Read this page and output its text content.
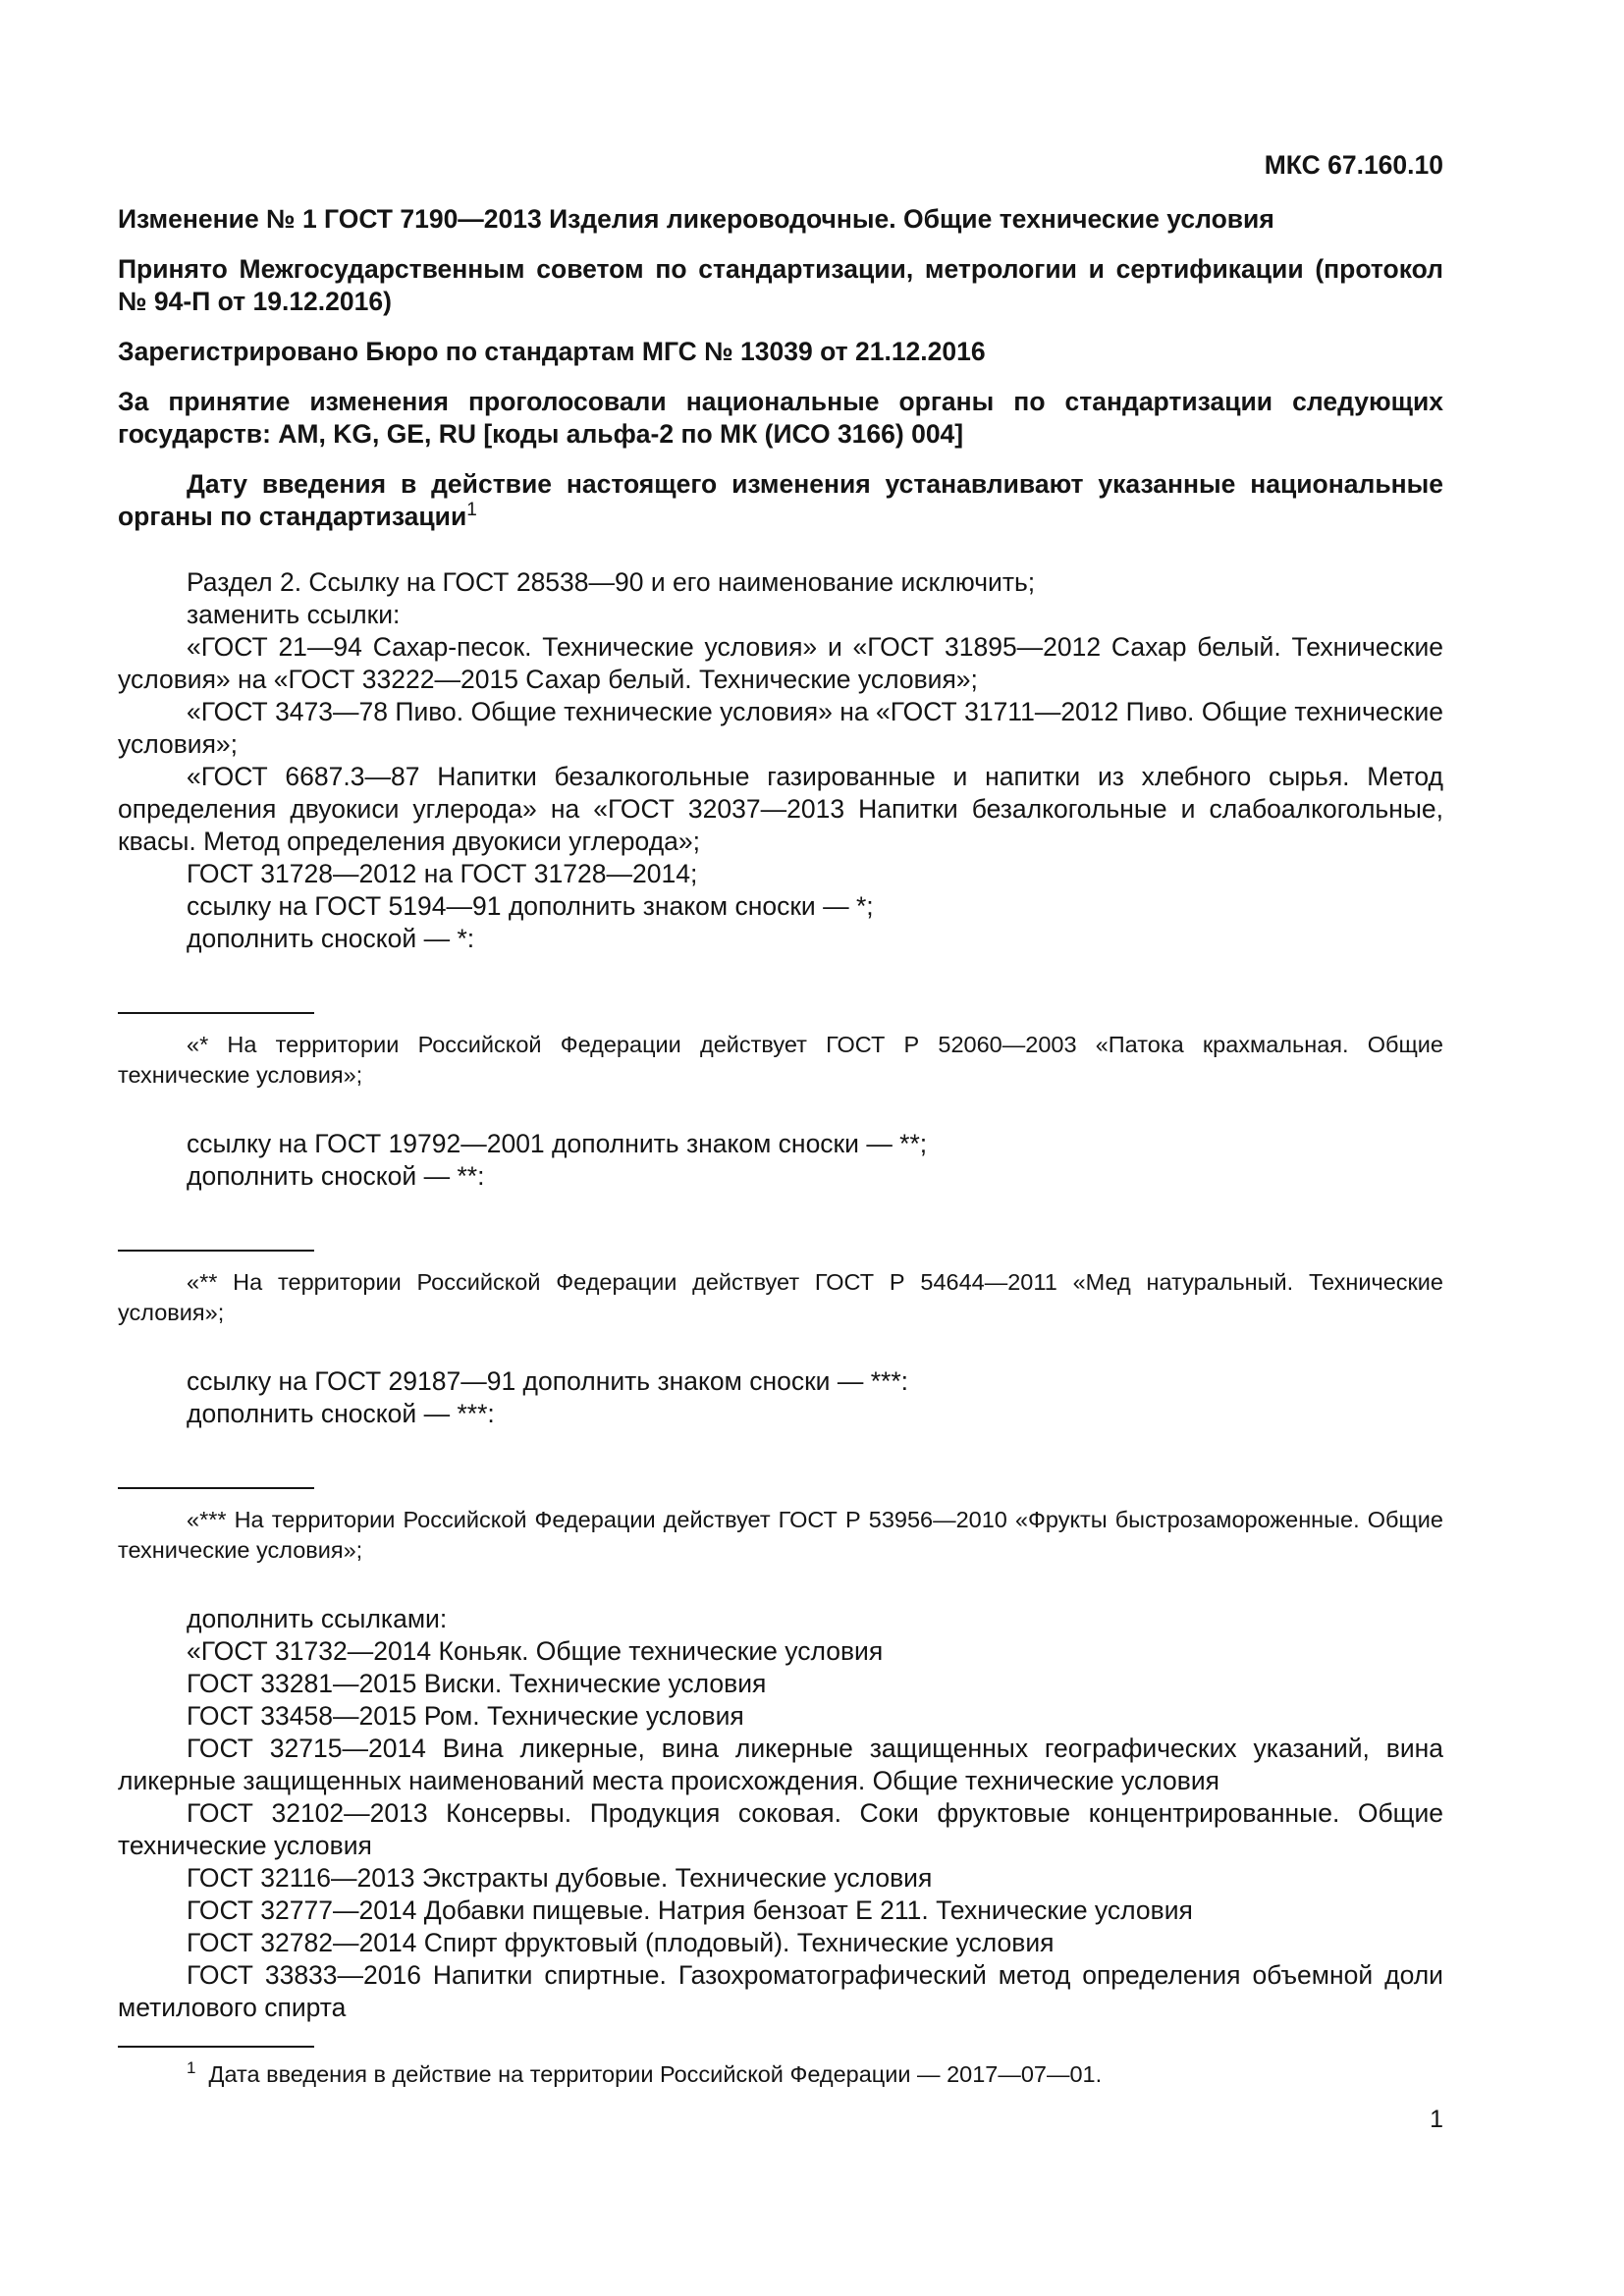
МКС 67.160.10

Изменение № 1 ГОСТ 7190—2013 Изделия ликероводочные. Общие технические условия

Принято Межгосударственным советом по стандартизации, метрологии и сертификации (протокол № 94-П от 19.12.2016)

Зарегистрировано Бюро по стандартам МГС № 13039 от 21.12.2016

За принятие изменения проголосовали национальные органы по стандартизации следующих государств: AM, KG, GE, RU [коды альфа-2 по МК (ИСО 3166) 004]

Дату введения в действие настоящего изменения устанавливают указанные национальные органы по стандартизации$^1$

Раздел 2. Ссылку на ГОСТ 28538—90 и его наименование исключить;

заменить ссылки:

«ГОСТ 21—94 Сахар-песок. Технические условия» и «ГОСТ 31895—2012 Сахар белый. Технические условия» на «ГОСТ 33222—2015 Сахар белый. Технические условия»;

«ГОСТ 3473—78 Пиво. Общие технические условия» на «ГОСТ 31711—2012 Пиво. Общие технические условия»;

«ГОСТ 6687.3—87 Напитки безалкогольные газированные и напитки из хлебного сырья. Метод определения двуокиси углерода» на «ГОСТ 32037—2013 Напитки безалкогольные и слабоалкогольные, квасы. Метод определения двуокиси углерода»;

ГОСТ 31728—2012 на ГОСТ 31728—2014;

ссылку на ГОСТ 5194—91 дополнить знаком сноски — *;

дополнить сноской — *:

«* На территории Российской Федерации действует ГОСТ Р 52060—2003 «Патока крахмальная. Общие технические условия»;

ссылку на ГОСТ 19792—2001 дополнить знаком сноски — **;

дополнить сноской — **:

«** На территории Российской Федерации действует ГОСТ Р 54644—2011 «Мед натуральный. Технические условия»;

ссылку на ГОСТ 29187—91 дополнить знаком сноски — ***:

дополнить сноской — ***:

«*** На территории Российской Федерации действует ГОСТ Р 53956—2010 «Фрукты быстрозамороженные. Общие технические условия»;

дополнить ссылками:

«ГОСТ 31732—2014 Коньяк. Общие технические условия

ГОСТ 33281—2015 Виски. Технические условия

ГОСТ 33458—2015 Ром. Технические условия

ГОСТ 32715—2014 Вина ликерные, вина ликерные защищенных географических указаний, вина ликерные защищенных наименований места происхождения. Общие технические условия

ГОСТ 32102—2013 Консервы. Продукция соковая. Соки фруктовые концентрированные. Общие технические условия

ГОСТ 32116—2013 Экстракты дубовые. Технические условия

ГОСТ 32777—2014 Добавки пищевые. Натрия бензоат Е 211. Технические условия

ГОСТ 32782—2014 Спирт фруктовый (плодовый). Технические условия

ГОСТ 33833—2016 Напитки спиртные. Газохроматографический метод определения объемной доли метилового спирта

$^1$ Дата введения в действие на территории Российской Федерации — 2017—07—01.

1
